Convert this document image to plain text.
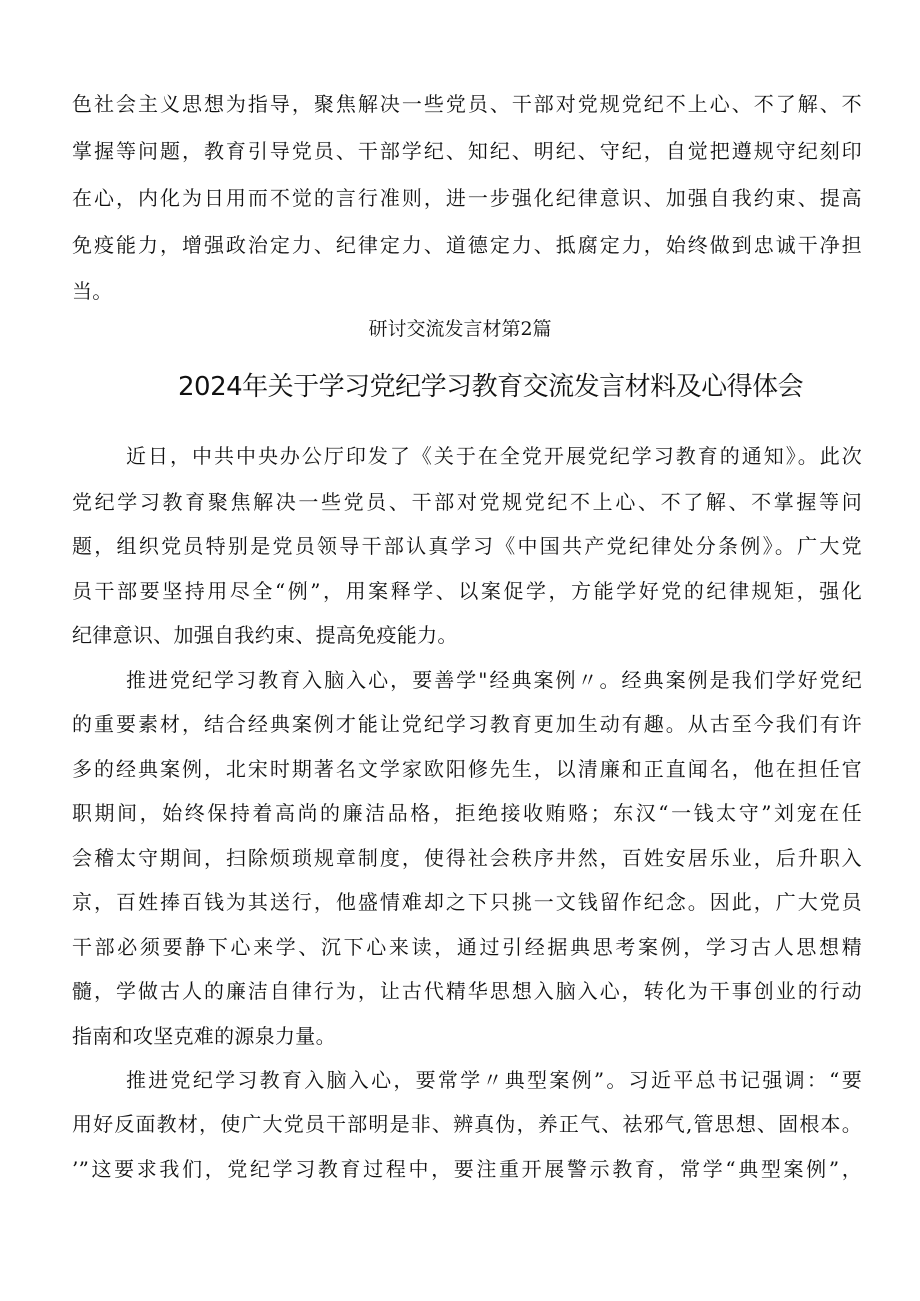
色社会主义思想为指导，聚焦解决一些党员、干部对党规党纪不上心、不了解、不
掌握等问题，教育引导党员、干部学纪、知纪、明纪、守纪，自觉把遵规守纪刻印
在心，内化为日用而不觉的言行准则，进一步强化纪律意识、加强自我约束、提高
免疫能力，增强政治定力、纪律定力、道德定力、抵腐定力，始终做到忠诚干净担
当。
研讨交流发言材第2篇
2024年关于学习党纪学习教育交流发言材料及心得体会
近日，中共中央办公厅印发了《关于在全党开展党纪学习教育的通知》。此次
党纪学习教育聚焦解决一些党员、干部对党规党纪不上心、不了解、不掌握等问
题，组织党员特别是党员领导干部认真学习《中国共产党纪律处分条例》。广大党
员干部要坚持用尽全“例”，用案释学、以案促学，方能学好党的纪律规矩，强化
纪律意识、加强自我约束、提高免疫能力。
推进党纪学习教育入脑入心，要善学"经典案例〃。经典案例是我们学好党纪
的重要素材，结合经典案例才能让党纪学习教育更加生动有趣。从古至今我们有许
多的经典案例，北宋时期著名文学家欧阳修先生，以清廉和正直闻名，他在担任官
职期间，始终保持着高尚的廉洁品格，拒绝接收贿赂；东汉“一钱太守”刘宠在任
会稽太守期间，扫除烦琐规章制度，使得社会秩序井然，百姓安居乐业，后升职入
京，百姓捧百钱为其送行，他盛情难却之下只挑一文钱留作纪念。因此，广大党员
干部必须要静下心来学、沉下心来读，通过引经据典思考案例，学习古人思想精
髓，学做古人的廉洁自律行为，让古代精华思想入脑入心，转化为干事创业的行动
指南和攻坚克难的源泉力量。
推进党纪学习教育入脑入心，要常学〃典型案例”。习近平总书记强调：“要
用好反面教材，使广大党员干部明是非、辨真伪，养正气、祛邪气,管思想、固根本。
’”这要求我们，党纪学习教育过程中，要注重开展警示教育，常学“典型案例”，
